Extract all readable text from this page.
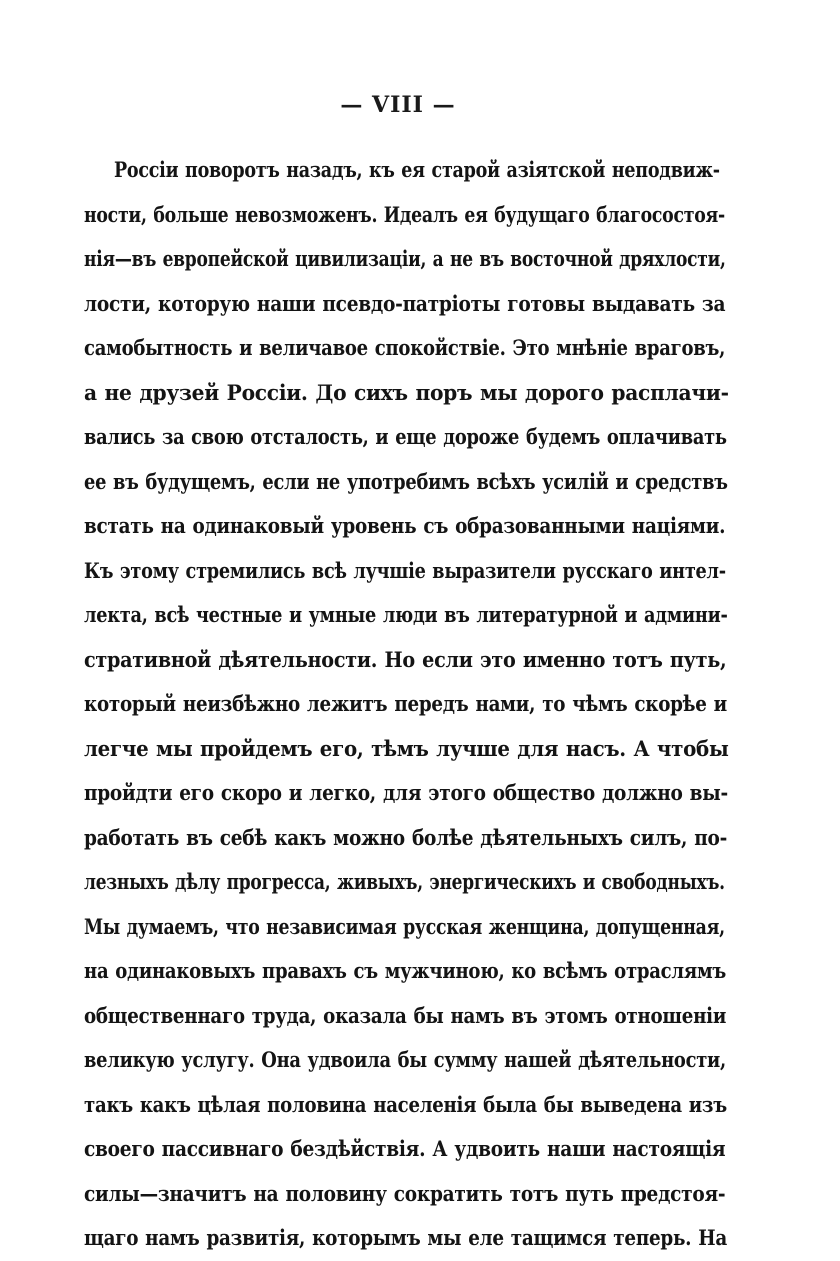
— VIII —
Россiи поворотъ назадъ, къ ея старой азiятской неподвиж-
ности, больше невозможенъ. Идеалъ ея будущаго благосостоя-
нiя—въ европейской цивилизацiи, а не въ восточной дряхлости,
лости, которую наши псевдо-патрiоты готовы выдавать за
самобытность и величавое спокойствiе. Это мнѣнiе враговъ,
а не друзей Россiи. До сихъ поръ мы дорого расплачи-
вались за свою отсталость, и еще дороже будемъ оплачивать
ее въ будущемъ, если не употребимъ всѣхъ усилiй и средствъ
встать на одинаковый уровень съ образованными нацiями.
Къ этому стремились всѣ лучшiе выразители русскаго интел-
лекта, всѣ честные и умные люди въ литературной и админи-
стративной дѣятельности. Но если это именно тотъ путь,
который неизбѣжно лежитъ передъ нами, то чѣмъ скорѣе и
легче мы пройдемъ его, тѣмъ лучше для насъ. А чтобы
пройдти его скоро и легко, для этого общество должно вы-
работать въ себѣ какъ можно болѣе дѣятельныхъ силъ, по-
лезныхъ дѣлу прогресса, живыхъ, энергическихъ и свободныхъ.
Мы думаемъ, что независимая русская женщина, допущенная,
на одинаковыхъ правахъ съ мужчиною, ко всѣмъ отраслямъ
общественнаго труда, оказала бы намъ въ этомъ отношенiи
великую услугу. Она удвоила бы сумму нашей дѣятельности,
такъ какъ цѣлая половина населенiя была бы выведена изъ
своего пассивнаго бездѣйствiя. А удвоить наши настоящiя
силы—значитъ на половину сократить тотъ путь предстоя-
щаго намъ развитiя, которымъ мы еле тащимся теперь. На
